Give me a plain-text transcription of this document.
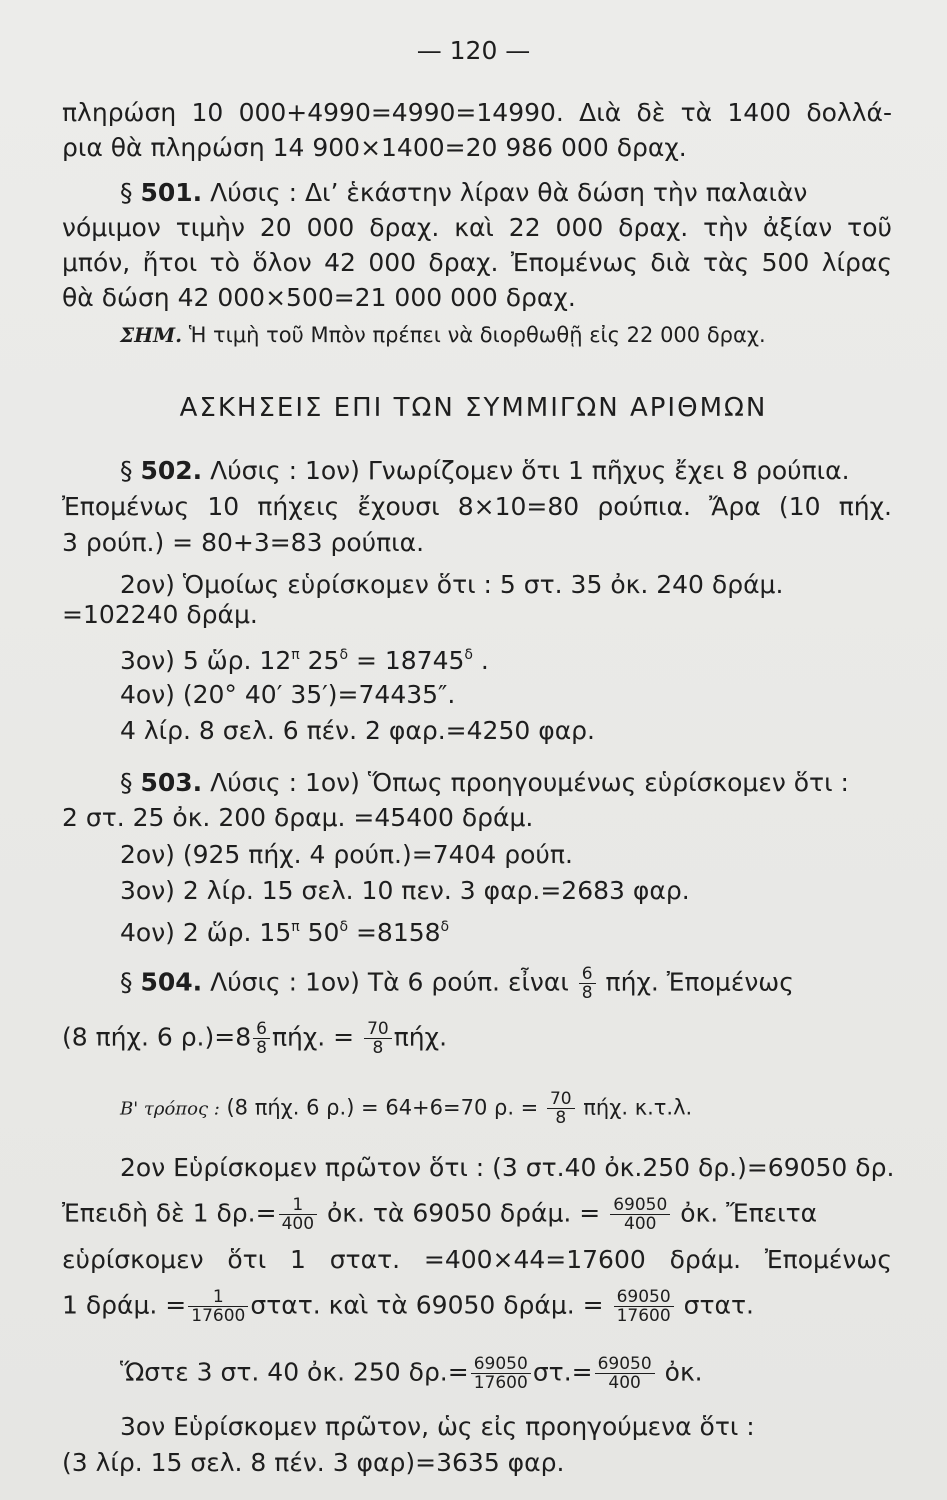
— 120 —
πληρώση 10 000+4990=4990=14990. Διὰ δὲ τὰ 1400 δολλά-
ρια θὰ πληρώση 14 900×1400=20 986 000 δραχ.
§ 501. Λύσις : Δι’ ἑκάστην λίραν θὰ δώση τὴν παλαιὰν
νόμιμον τιμὴν 20 000 δραχ. καὶ 22 000 δραχ. τὴν ἀξίαν τοῦ
μπόν, ἤτοι τὸ ὅλον 42 000 δραχ. Ἐπομένως διὰ τὰς 500 λίρας
θὰ δώση 42 000×500=21 000 000 δραχ.
ΣΗΜ. Ἡ τιμὴ τοῦ Μπὸν πρέπει νὰ διορθωθῇ εἰς 22 000 δραχ.
ΑΣΚΗΣΕΙΣ ΕΠΙ ΤΩΝ ΣΥΜΜΙΓΩΝ ΑΡΙΘΜΩΝ
§ 502. Λύσις : 1ον) Γνωρίζομεν ὅτι 1 πῆχυς ἔχει 8 ρούπια.
Ἐπομένως 10 πήχεις ἔχουσι 8×10=80 ρούπια. Ἄρα (10 πήχ.
3 ρούπ.) = 80+3=83 ρούπια.
2ον) Ὁμοίως εὑρίσκομεν ὅτι : 5 στ. 35 ὀκ. 240 δράμ.
=102240 δράμ.
3ον) 5 ὥρ. $12^\pi$ $25^\delta = 18745^\delta$ .
4ον) (20° 40′ 35′)=74435″.
4 λίρ. 8 σελ. 6 πέν. 2 φαρ.=4250 φαρ.
§ 503. Λύσις : 1ον) Ὅπως προηγουμένως εὑρίσκομεν ὅτι :
2 στ. 25 ὀκ. 200 δραμ. =45400 δράμ.
2ον) (925 πήχ. 4 ρούπ.)=7404 ρούπ.
3ον) 2 λίρ. 15 σελ. 10 πεν. 3 φαρ.=2683 φαρ.
4ον) 2 ὥρ. $15^\pi$ $50^\delta =8158^\delta$
§ 504. Λύσις : 1ον) Τὰ 6 ρούπ. εἶναι $\frac{6}{8} \pi ή\chi$. Ἐπομένως
(8 πήχ. 6 $\rho.)=8 \frac{6}{8} \pi ή\chi$. = $\frac{70}{8} \pi ή\chi$.
Β' τρόπος : (8 πήχ. 6 ρ.) = 64+6=70 ρ. = $\frac{70}{8} \pi ή\chi$. κ.τ.λ.
2ον Εὑρίσκομεν πρῶτον ὅτι : (3 στ.40 ὀκ.250 δρ.)=69050 δρ.
Ἐπειδὴ δὲ 1 $\delta\rho.= \frac{1}{400}$ ὀκ. τὰ 69050 δράμ. = $\frac{69050}{400}$ ὀκ. Ἔπειτα
εὑρίσκομεν ὅτι 1 στατ. =400×44=17600 δράμ. Ἐπομένως
1 δράμ. = $\frac{1}{17600} \sigma\tau\alpha\tau$. καὶ τὰ 69050 δράμ. = $\frac{69050}{17600} \sigma\tau\alpha\tau$.
Ὥστε 3 στ. 40 ὀκ. 250 $\delta\rho.= \frac{69050}{17600} \sigma\tau.= \frac{69050}{400}$ ὀκ.
3ον Εὑρίσκομεν πρῶτον, ὡς εἰς προηγούμενα ὅτι :
(3 λίρ. 15 σελ. 8 πέν. 3 φαρ)=3635 φαρ.
